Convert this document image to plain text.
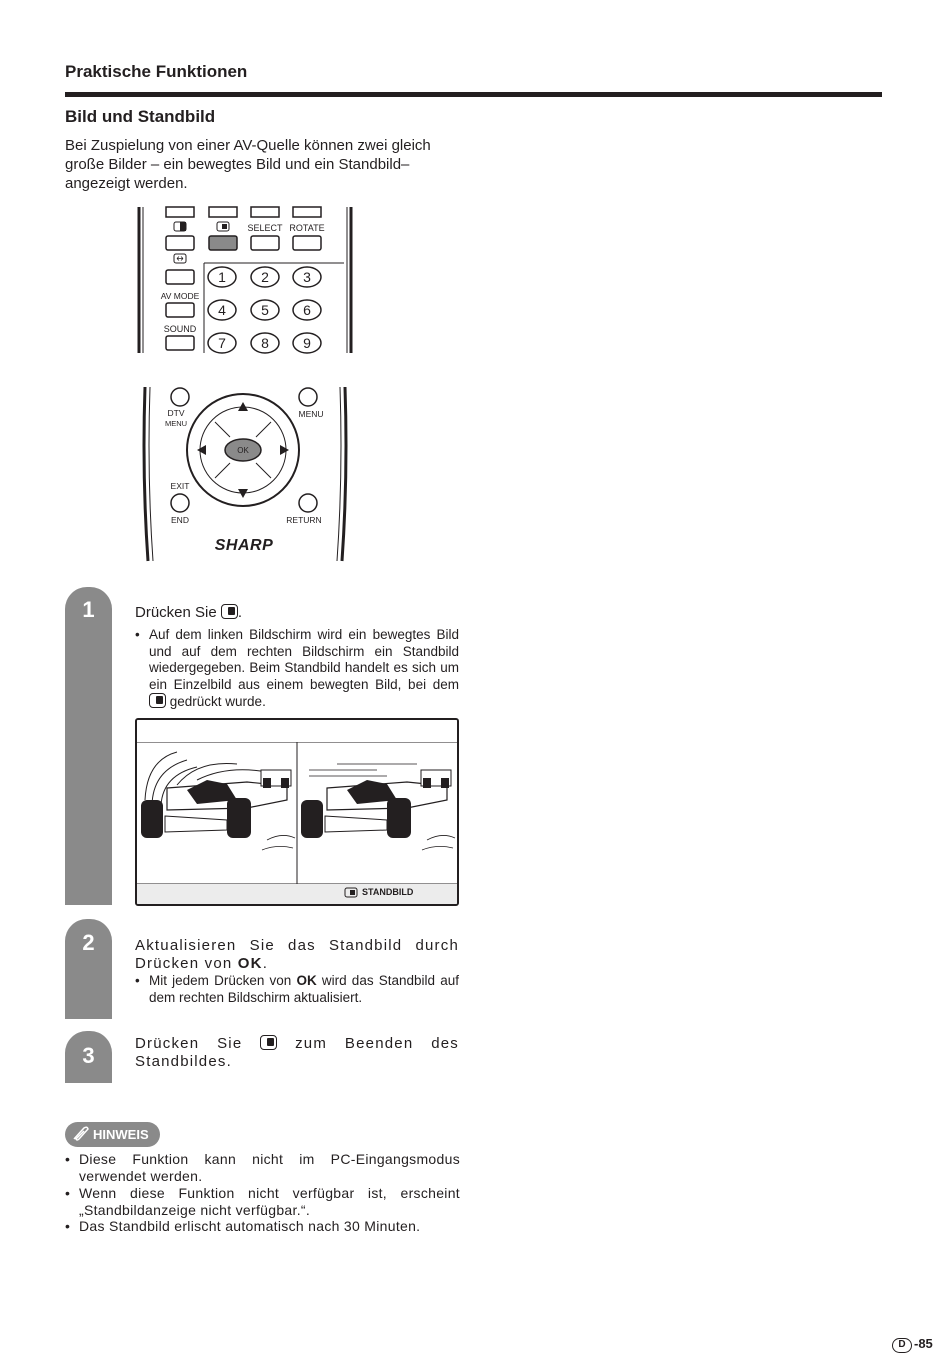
Praktische Funktionen
Bild und Standbild
Bei Zuspielung von einer AV-Quelle können zwei gleich große Bilder – ein bewegtes Bild und ein Standbild– angezeigt werden.
SELECT ROTATE
AV MODE
SOUND
1	2 3
4	5 6
7	8 9
DTV
MENU
MENU
OK
EXIT
END	RETURN
SHARP
1
2
3
Drücken Sie .
• Auf dem linken Bildschirm wird ein bewegtes Bild und auf dem rechten Bildschirm ein Standbild wiedergegeben. Beim Standbild handelt es sich um ein Einzelbild aus einem bewegten Bild, bei dem  gedrückt wurde.
STANDBILD
Aktualisieren Sie das Standbild durch Drücken von OK.
• Mit jedem Drücken von OK wird das Standbild auf dem rechten Bildschirm aktualisiert.
Drücken Sie	zum Beenden des Standbildes.
HINWEIS
• Diese Funktion kann nicht im PC-Eingangsmodus verwendet werden.
• Wenn diese Funktion nicht verfügbar ist, erscheint „Standbildanzeige nicht verfügbar.“.
• Das Standbild erlischt automatisch nach 30 Minuten.
D -85
